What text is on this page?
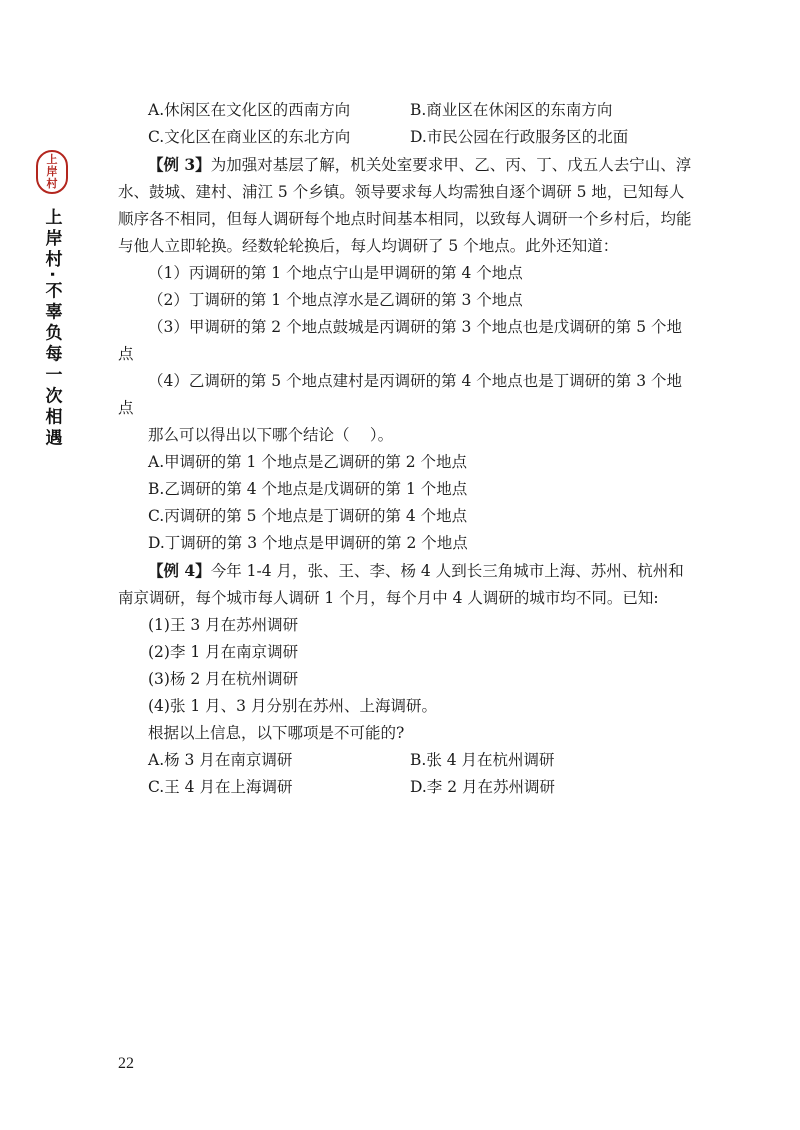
上
岸
村
上岸村·不辜负每一次相遇
A.休闲区在文化区的西南方向	B.商业区在休闲区的东南方向
C.文化区在商业区的东北方向	D.市民公园在行政服务区的北面
【例 3】为加强对基层了解，机关处室要求甲、乙、丙、丁、戊五人去宁山、淳水、鼓城、建村、浦江 5 个乡镇。领导要求每人均需独自逐个调研 5 地，已知每人顺序各不相同，但每人调研每个地点时间基本相同，以致每人调研一个乡村后，均能与他人立即轮换。经数轮轮换后，每人均调研了 5 个地点。此外还知道：
（1）丙调研的第 1 个地点宁山是甲调研的第 4 个地点
（2）丁调研的第 1 个地点淳水是乙调研的第 3 个地点
（3）甲调研的第 2 个地点鼓城是丙调研的第 3 个地点也是戊调研的第 5 个地点
（4）乙调研的第 5 个地点建村是丙调研的第 4 个地点也是丁调研的第 3 个地点
那么可以得出以下哪个结论（　 ）。
A.甲调研的第 1 个地点是乙调研的第 2 个地点
B.乙调研的第 4 个地点是戊调研的第 1 个地点
C.丙调研的第 5 个地点是丁调研的第 4 个地点
D.丁调研的第 3 个地点是甲调研的第 2 个地点
【例 4】今年 1-4 月，张、王、李、杨 4 人到长三角城市上海、苏州、杭州和南京调研，每个城市每人调研 1 个月，每个月中 4 人调研的城市均不同。已知:
(1)王 3 月在苏州调研
(2)李 1 月在南京调研
(3)杨 2 月在杭州调研
(4)张 1 月、3 月分别在苏州、上海调研。
根据以上信息，以下哪项是不可能的?
A.杨 3 月在南京调研	B.张 4 月在杭州调研
C.王 4 月在上海调研	D.李 2 月在苏州调研
22
